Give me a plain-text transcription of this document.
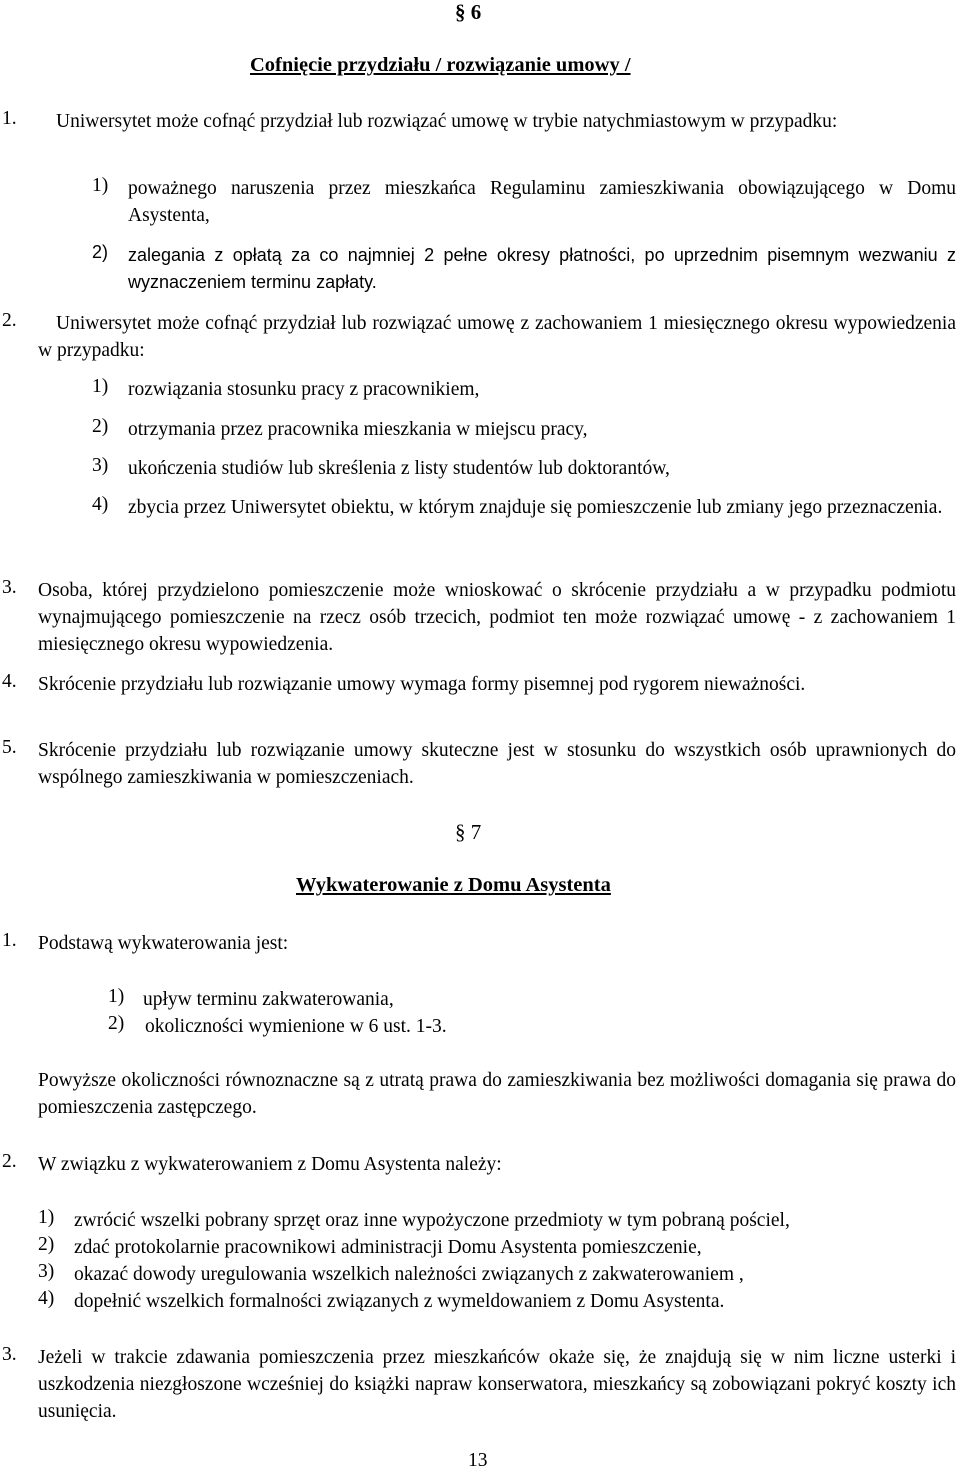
§ 6
Cofnięcie przydziału / rozwiązanie umowy /
1.	Uniwersytet może cofnąć przydział lub rozwiązać umowę w trybie natychmiastowym w przypadku:
1) poważnego naruszenia przez mieszkańca Regulaminu zamieszkiwania obowiązującego w Domu Asystenta,
2) zalegania z opłatą za co najmniej 2 pełne okresy płatności, po uprzednim pisemnym wezwaniu z wyznaczeniem terminu zapłaty.
2.	Uniwersytet może cofnąć przydział lub rozwiązać umowę z zachowaniem 1 miesięcznego okresu wypowiedzenia w przypadku:
1) rozwiązania stosunku pracy z pracownikiem,
2) otrzymania przez pracownika mieszkania w miejscu pracy,
3) ukończenia studiów lub skreślenia z listy studentów lub doktorantów,
4) zbycia przez Uniwersytet obiektu, w którym znajduje się pomieszczenie lub zmiany jego przeznaczenia.
3. Osoba, której przydzielono pomieszczenie może wnioskować o skrócenie przydziału a w przypadku podmiotu wynajmującego pomieszczenie na rzecz osób trzecich, podmiot ten może rozwiązać umowę - z zachowaniem 1 miesięcznego okresu wypowiedzenia.
4. Skrócenie przydziału lub rozwiązanie umowy wymaga formy pisemnej pod rygorem nieważności.
5. Skrócenie przydziału lub rozwiązanie umowy skuteczne jest w stosunku do wszystkich osób uprawnionych do wspólnego zamieszkiwania w pomieszczeniach.
§ 7
Wykwaterowanie z Domu Asystenta
1. Podstawą wykwaterowania jest:
1) upływ terminu zakwaterowania,
2) okoliczności wymienione w 6 ust. 1-3.
Powyższe okoliczności równoznaczne są z utratą prawa do zamieszkiwania bez możliwości domagania się prawa do pomieszczenia zastępczego.
2. W związku z wykwaterowaniem z Domu Asystenta należy:
1) zwrócić wszelki pobrany sprzęt oraz inne wypożyczone przedmioty w tym pobraną pościel,
2) zdać protokolarnie pracownikowi administracji Domu Asystenta pomieszczenie,
3) okazać dowody uregulowania wszelkich należności związanych z zakwaterowaniem ,
4) dopełnić wszelkich formalności związanych z wymeldowaniem z Domu Asystenta.
3. Jeżeli w trakcie zdawania pomieszczenia przez mieszkańców okaże się, że znajdują się w nim liczne usterki i uszkodzenia niezgłoszone wcześniej do książki napraw konserwatora, mieszkańcy są zobowiązani pokryć koszty ich usunięcia.
13
